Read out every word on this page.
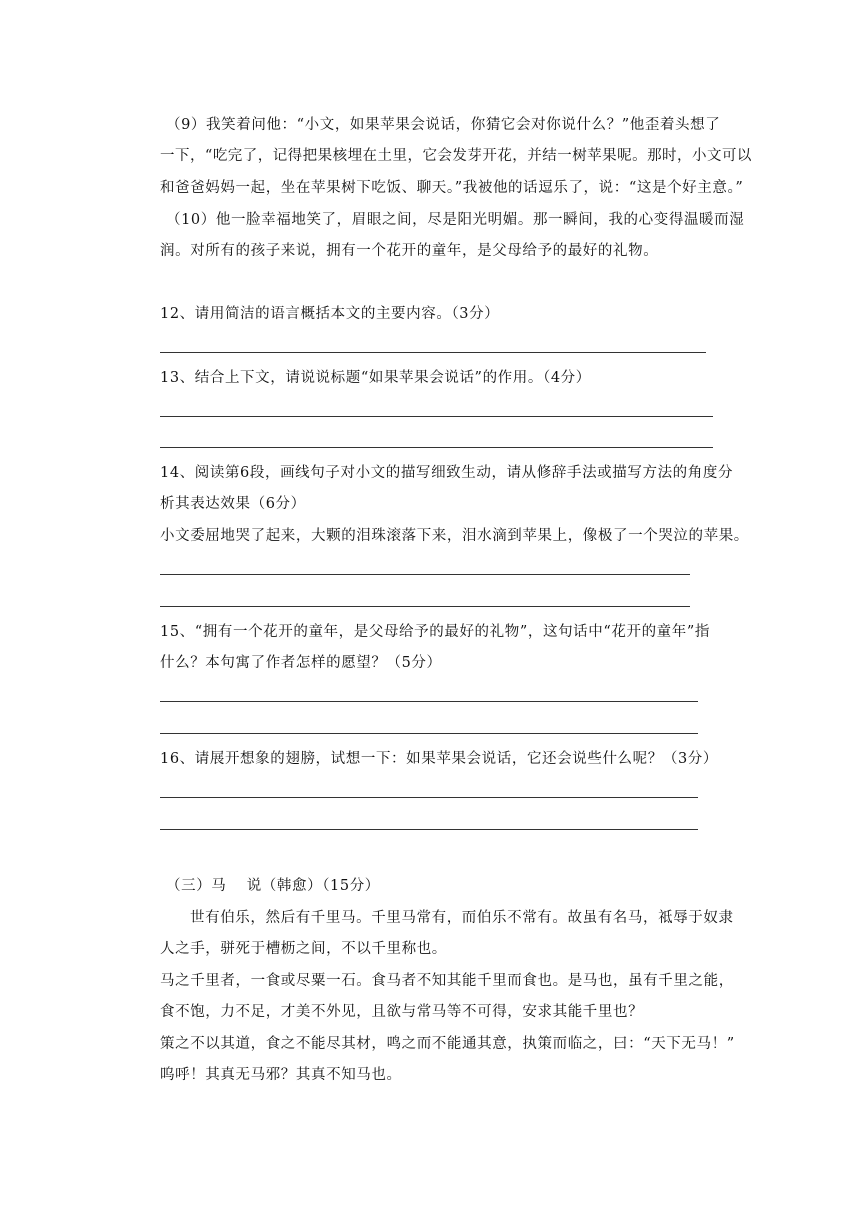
（9）我笑着问他：“小文，如果苹果会说话，你猜它会对你说什么？”他歪着头想了
一下，“吃完了，记得把果核埋在土里，它会发芽开花，并结一树苹果呢。那时，小文可以
和爸爸妈妈一起，坐在苹果树下吃饭、聊天。”我被他的话逗乐了，说：“这是个好主意。”
（10）他一脸幸福地笑了，眉眼之间，尽是阳光明媚。那一瞬间，我的心变得温暖而湿
润。对所有的孩子来说，拥有一个花开的童年，是父母给予的最好的礼物。
12、请用简洁的语言概括本文的主要内容。（3分）
13、结合上下文，请说说标题“如果苹果会说话”的作用。（4分）
14、阅读第6段，画线句子对小文的描写细致生动，请从修辞手法或描写方法的角度分
析其表达效果（6分）
小文委屈地哭了起来，大颗的泪珠滚落下来，泪水滴到苹果上，像极了一个哭泣的苹果。
15、“拥有一个花开的童年，是父母给予的最好的礼物”，这句话中“花开的童年”指
什么？本句寓了作者怎样的愿望？（5分）
16、请展开想象的翅膀，试想一下：如果苹果会说话，它还会说些什么呢？（3分）
（三）马　 说（韩愈）（15分）
世有伯乐，然后有千里马。千里马常有，而伯乐不常有。故虽有名马，祗辱于奴隶
人之手，骈死于槽枥之间，不以千里称也。
马之千里者，一食或尽粟一石。食马者不知其能千里而食也。是马也，虽有千里之能，
食不饱，力不足，才美不外见，且欲与常马等不可得，安求其能千里也？
策之不以其道，食之不能尽其材，鸣之而不能通其意，执策而临之，曰：“天下无马！”
呜呼！其真无马邪？其真不知马也。
